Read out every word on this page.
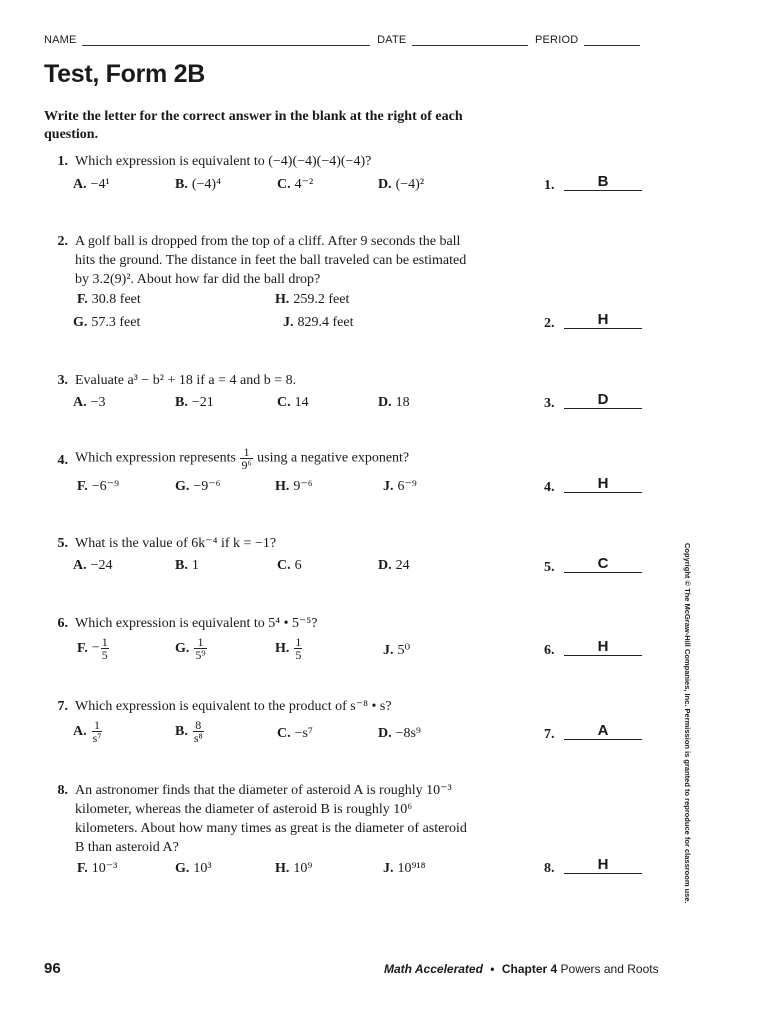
NAME	DATE	PERIOD
Test, Form 2B
Write the letter for the correct answer in the blank at the right of each question.
1. Which expression is equivalent to (−4)(−4)(−4)(−4)?
A. −4¹	B. (−4)⁴	C. 4⁻²	D. (−4)²	1.	B
2. A golf ball is dropped from the top of a cliff. After 9 seconds the ball hits the ground. The distance in feet the ball traveled can be estimated by 3.2(9)². About how far did the ball drop?
F. 30.8 feet	H. 259.2 feet
G. 57.3 feet	J. 829.4 feet	2.	H
3. Evaluate a³ − b² + 18 if a = 4 and b = 8.
A. −3	B. −21	C. 14	D. 18	3.	D
4. Which expression represents $\frac{1}{\text{9⁶}}$ using a negative exponent?
F. −6⁻⁹	G. −9⁻⁶	H. 9⁻⁶	J. 6⁻⁹	4.	H
5. What is the value of 6k⁻⁴ if k = −1?
A. −24	B. 1	C. 6	D. 24	5.	C
6. Which expression is equivalent to 5⁴ • 5⁻⁵?
F. − $\frac{1}{5}$	G. $\frac{1}{\text{5⁹}}$	H. $\frac{1}{5}$	J. 5⁰	6.	H
7. Which expression is equivalent to the product of s⁻⁸ • s?
A. $\frac{1}{\text{s⁷}}$	B. $\frac{8}{\text{s⁸}}$	C. −s⁷	D. −8s⁹	7.	A
8. An astronomer finds that the diameter of asteroid A is roughly 10⁻³ kilometer, whereas the diameter of asteroid B is roughly 10⁶ kilometers. About how many times as great is the diameter of asteroid B than asteroid A?
F. 10⁻³	G. 10³	H. 10⁹	J. 10⁹¹⁸	8.	H	Copyright © The McGraw-Hill Companies, Inc. Permission is granted to reproduce for classroom use.
96	Math Accelerated • Chapter 4 Powers and Roots
